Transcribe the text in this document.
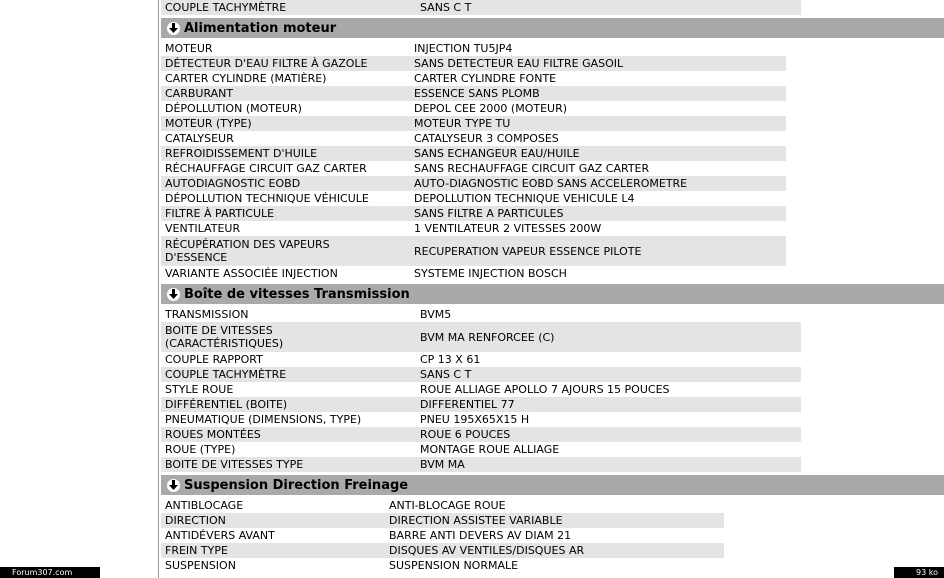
COUPLE TACHYMÈTRE	SANS C T
Alimentation moteur
MOTEUR	INJECTION TU5JP4
DÉTECTEUR D'EAU FILTRE À GAZOLE	SANS DETECTEUR EAU FILTRE GASOIL
CARTER CYLINDRE (MATIÈRE)	CARTER CYLINDRE FONTE
CARBURANT	ESSENCE SANS PLOMB
DÉPOLLUTION (MOTEUR)	DEPOL CEE 2000 (MOTEUR)
MOTEUR (TYPE)	MOTEUR TYPE TU
CATALYSEUR	CATALYSEUR 3 COMPOSES
REFROIDISSEMENT D'HUILE	SANS ECHANGEUR EAU/HUILE
RÉCHAUFFAGE CIRCUIT GAZ CARTER	SANS RECHAUFFAGE CIRCUIT GAZ CARTER
AUTODIAGNOSTIC EOBD	AUTO-DIAGNOSTIC EOBD SANS ACCELEROMETRE
DÉPOLLUTION TECHNIQUE VÉHICULE	DEPOLLUTION TECHNIQUE VEHICULE L4
FILTRE À PARTICULE	SANS FILTRE A PARTICULES
VENTILATEUR	1 VENTILATEUR 2 VITESSES 200W
RÉCUPÉRATION DES VAPEURS D'ESSENCE	RECUPERATION VAPEUR ESSENCE PILOTE
VARIANTE ASSOCIÉE INJECTION	SYSTEME INJECTION BOSCH
Boîte de vitesses Transmission
TRANSMISSION	BVM5
BOITE DE VITESSES (CARACTÉRISTIQUES)	BVM MA RENFORCEE (C)
COUPLE RAPPORT	CP 13 X 61
COUPLE TACHYMÈTRE	SANS C T
STYLE ROUE	ROUE ALLIAGE APOLLO 7 AJOURS 15 POUCES
DIFFÉRENTIEL (BOITE)	DIFFERENTIEL 77
PNEUMATIQUE (DIMENSIONS, TYPE)	PNEU 195X65X15 H
ROUES MONTÉES	ROUE 6 POUCES
ROUE (TYPE)	MONTAGE ROUE ALLIAGE
BOITE DE VITESSES TYPE	BVM MA
Suspension Direction Freinage
ANTIBLOCAGE	ANTI-BLOCAGE ROUE
DIRECTION	DIRECTION ASSISTEE VARIABLE
ANTIDÉVERS AVANT	BARRE ANTI DEVERS AV DIAM 21
FREIN TYPE	DISQUES AV VENTILES/DISQUES AR
SUSPENSION	SUSPENSION NORMALE
Forum307.com	93 ko
